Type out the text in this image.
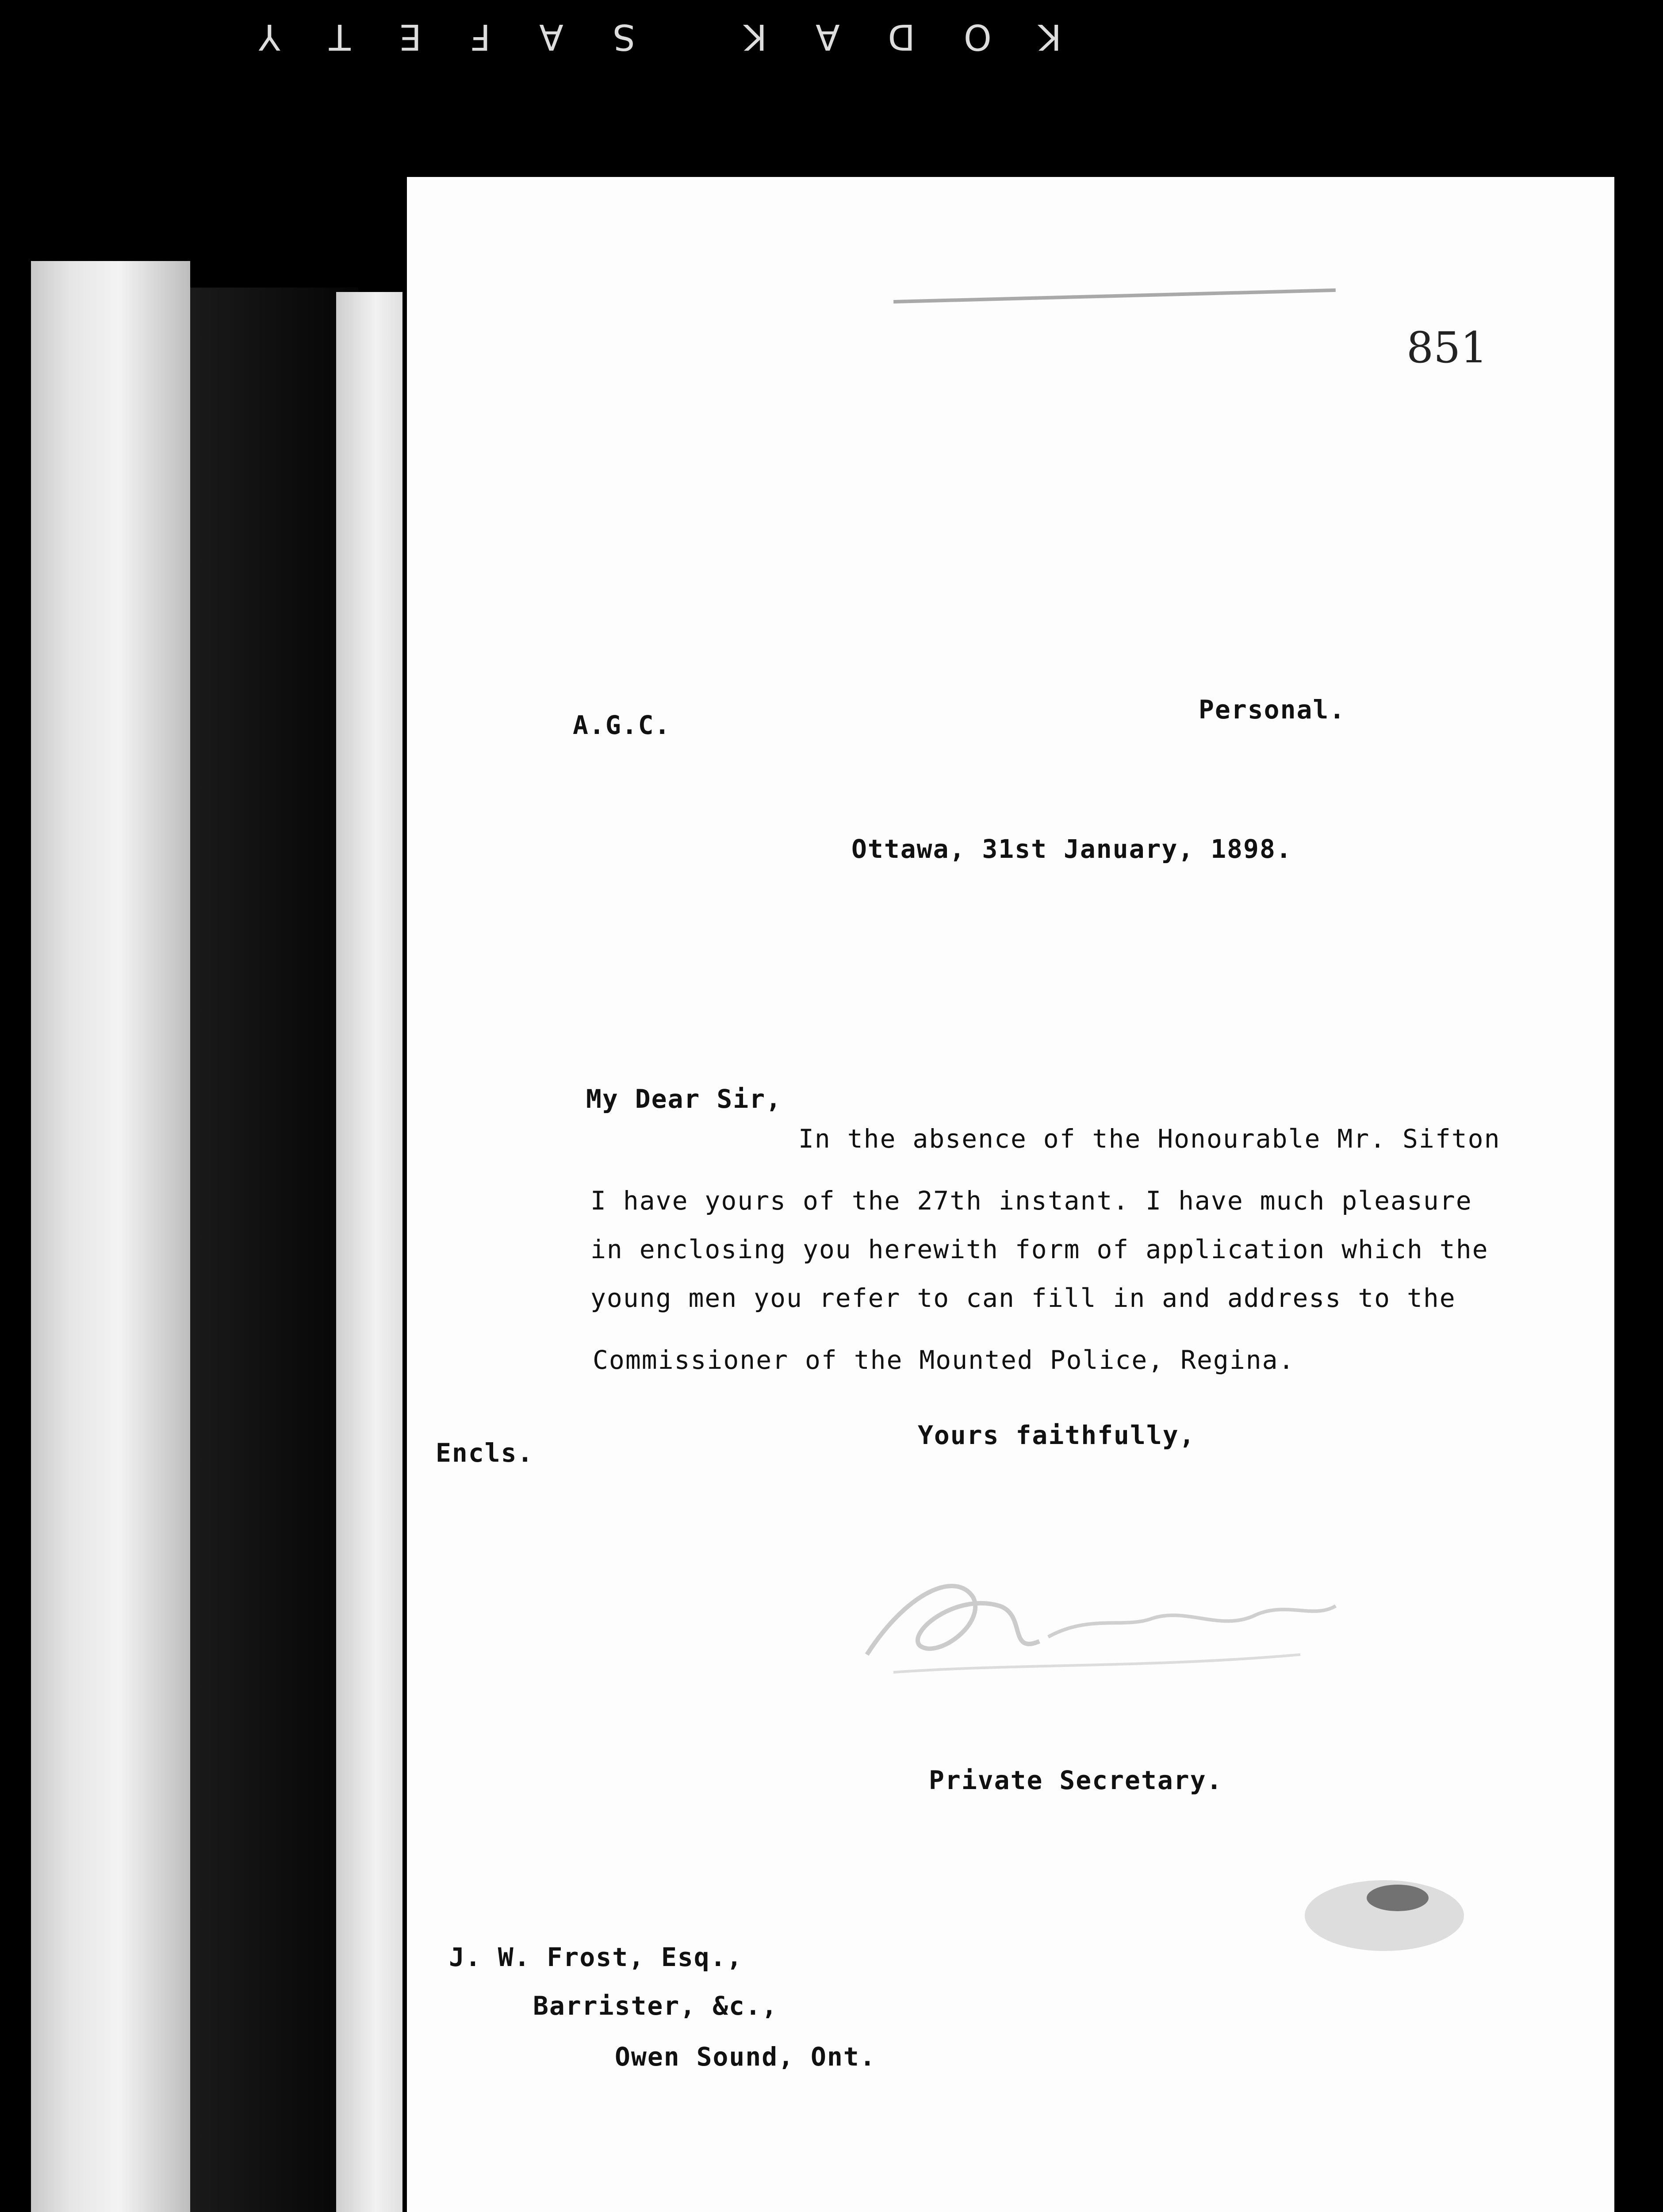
KODAK SAFETY
851
A.G.C.
Personal.
Ottawa, 31st January, 1898.
My Dear Sir,
In the absence of the Honourable Mr. Sifton
I have yours of the 27th instant. I have much pleasure
in enclosing you herewith form of application which the
young men you refer to can fill in and address to the
Commissioner of the Mounted Police, Regina.
Encls.
Yours faithfully,
Private Secretary.
J. W. Frost, Esq.,
Barrister, &c.,
Owen Sound, Ont.
